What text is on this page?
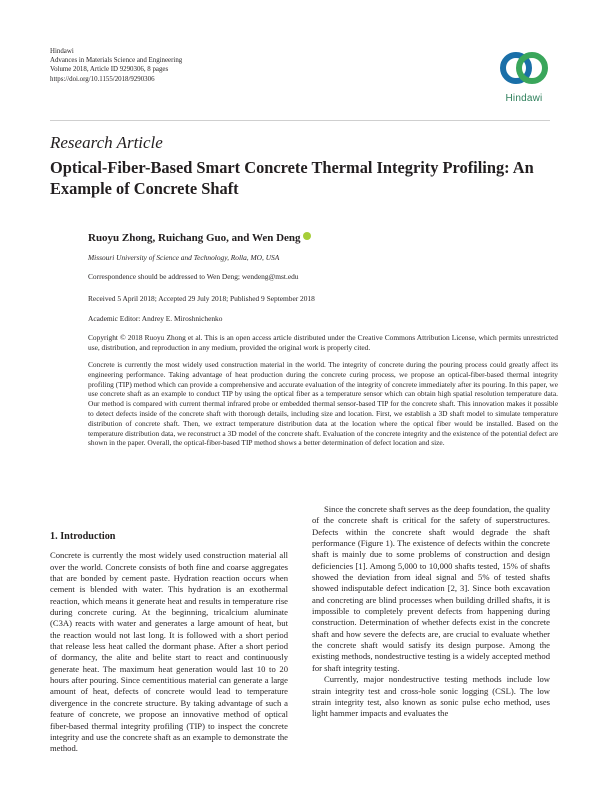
Hindawi
Advances in Materials Science and Engineering
Volume 2018, Article ID 9290306, 8 pages
https://doi.org/10.1155/2018/9290306
Hindawi
Research Article
Optical-Fiber-Based Smart Concrete Thermal Integrity Profiling: An Example of Concrete Shaft
Ruoyu Zhong, Ruichang Guo, and Wen Deng
Missouri University of Science and Technology, Rolla, MO, USA
Correspondence should be addressed to Wen Deng; wendeng@mst.edu
Received 5 April 2018; Accepted 29 July 2018; Published 9 September 2018
Academic Editor: Andrey E. Miroshnichenko
Copyright © 2018 Ruoyu Zhong et al. This is an open access article distributed under the Creative Commons Attribution License, which permits unrestricted use, distribution, and reproduction in any medium, provided the original work is properly cited.
Concrete is currently the most widely used construction material in the world. The integrity of concrete during the pouring process could greatly affect its engineering performance. Taking advantage of heat production during the concrete curing process, we propose an optical-fiber-based thermal integrity profiling (TIP) method which can provide a comprehensive and accurate evaluation of the integrity of concrete immediately after its pouring. In this paper, we use concrete shaft as an example to conduct TIP by using the optical fiber as a temperature sensor which can obtain high spatial resolution temperature data. Our method is compared with current thermal infrared probe or embedded thermal sensor-based TIP for the concrete shaft. This innovation makes it possible to detect defects inside of the concrete shaft with thorough details, including size and location. First, we establish a 3D shaft model to simulate temperature distribution of concrete shaft. Then, we extract temperature distribution data at the location where the optical fiber would be installed. Based on the temperature distribution data, we reconstruct a 3D model of the concrete shaft. Evaluation of the concrete integrity and the existence of the potential defect are shown in the paper. Overall, the optical-fiber-based TIP method shows a better determination of defect location and size.
1. Introduction

Concrete is currently the most widely used construction material all over the world. Concrete consists of both fine and coarse aggregates that are bonded by cement paste. Hydration reaction occurs when cement is blended with water. This hydration is an exothermal reaction, which means it generate heat and results in temperature rise during concrete curing. At the beginning, tricalcium aluminate (C3A) reacts with water and generates a large amount of heat, but the reaction would not last long. It is followed with a short period that release less heat called the dormant phase. After a short period of dormancy, the alite and belite start to react and continuously generate heat. The maximum heat generation would last 10 to 20 hours after pouring. Since cementitious material can generate a large amount of heat, defects of concrete would lead to temperature divergence in the concrete structure. By taking advantage of such a feature of concrete, we propose an innovative method of optical fiber-based thermal integrity profiling (TIP) to inspect the concrete integrity and use the concrete shaft as an example to demonstrate the method.

Since the concrete shaft serves as the deep foundation, the quality of the concrete shaft is critical for the safety of superstructures. Defects within the concrete shaft would degrade the shaft performance (Figure 1). The existence of defects within the concrete shaft is mainly due to some problems of construction and design deficiencies [1]. Among 5,000 to 10,000 shafts tested, 15% of shafts showed the deviation from ideal signal and 5% of tested shafts showed indisputable defect indication [2, 3]. Since both excavation and concreting are blind processes when building drilled shafts, it is impossible to completely prevent defects from happening during construction. Determination of whether defects exist in the concrete shaft and how severe the defects are, are crucial to evaluate whether the concrete shaft would satisfy its design purpose. Among the existing methods, nondestructive testing is a widely accepted method for shaft integrity testing.

Currently, major nondestructive testing methods include low strain integrity test and cross-hole sonic logging (CSL). The low strain integrity test, also known as sonic pulse echo method, uses light hammer impacts and evaluates the
